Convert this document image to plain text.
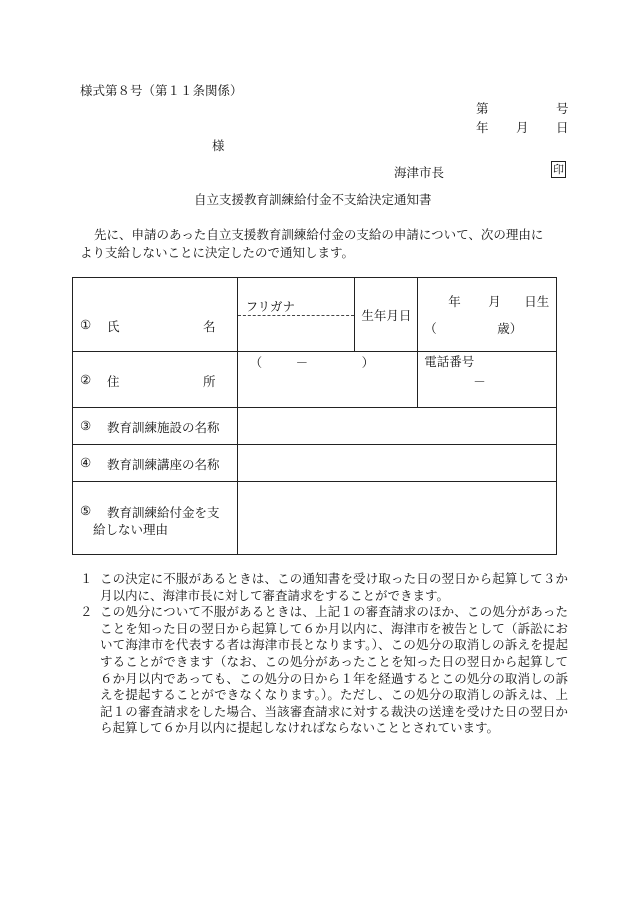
様式第８号（第１１条関係）
第	号
年 月 日
様
海津市長	印
自立支援教育訓練給付金不支給決定通知書
先に、申請のあった自立支援教育訓練給付金の支給の申請について、次の理由に
より支給しないことに決定したので通知します。
① 氏 名	フリガナ	生年月日	年 月 日生
（ 歳）

② 住 所	（ － ）		電話番号
－

③ 教育訓練施設の名称			

④ 教育訓練講座の名称			

⑤ 教育訓練給付金を支
給しない理由			

１ この決定に不服があるときは、この通知書を受け取った日の翌日から起算して３か月以内に、海津市長に対して審査請求をすることができます。
２ この処分について不服があるときは、上記１の審査請求のほか、この処分があったことを知った日の翌日から起算して６か月以内に、海津市を被告として（訴訟において海津市を代表する者は海津市長となります。）、この処分の取消しの訴えを提起することができます（なお、この処分があったことを知った日の翌日から起算して６か月以内であっても、この処分の日から１年を経過するとこの処分の取消しの訴えを提起することができなくなります。）。ただし、この処分の取消しの訴えは、上記１の審査請求をした場合、当該審査請求に対する裁決の送達を受けた日の翌日から起算して６か月以内に提起しなければならないこととされています。
